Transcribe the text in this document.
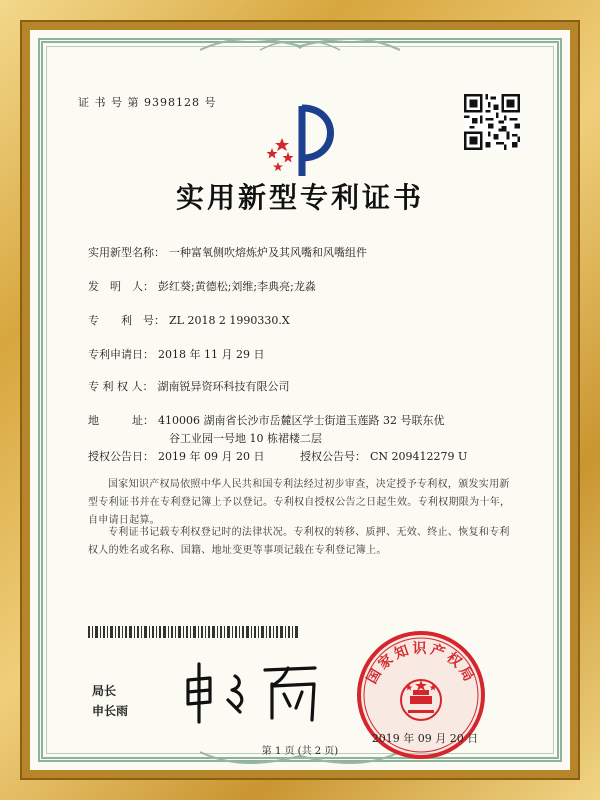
证 书 号 第 9398128 号
实用新型专利证书
实用新型名称： 一种富氧侧吹熔炼炉及其风嘴和风嘴组件
发　明　人： 彭红葵;黄德松;刘维;李典亮;龙淼
专　　利　号： ZL 2018 2 1990330.X
专利申请日： 2018 年 11 月 29 日
专 利 权 人： 湖南锐异资环科技有限公司
地　　　址： 410006 湖南省长沙市岳麓区学士街道玉莲路 32 号联东优
谷工业园一号地 10 栋裙楼二层
授权公告日： 2019 年 09 月 20 日	授权公告号： CN 209412279 U
国家知识产权局依照中华人民共和国专利法经过初步审查，决定授予专利权，颁发实用新型专利证书并在专利登记簿上予以登记。专利权自授权公告之日起生效。专利权期限为十年，自申请日起算。
专利证书记载专利权登记时的法律状况。专利权的转移、质押、无效、终止、恢复和专利权人的姓名或名称、国籍、地址变更等事项记载在专利登记簿上。
局长
申长雨
国家知识产权局
2019 年 09 月 20 日
第 1 页 (共 2 页)
